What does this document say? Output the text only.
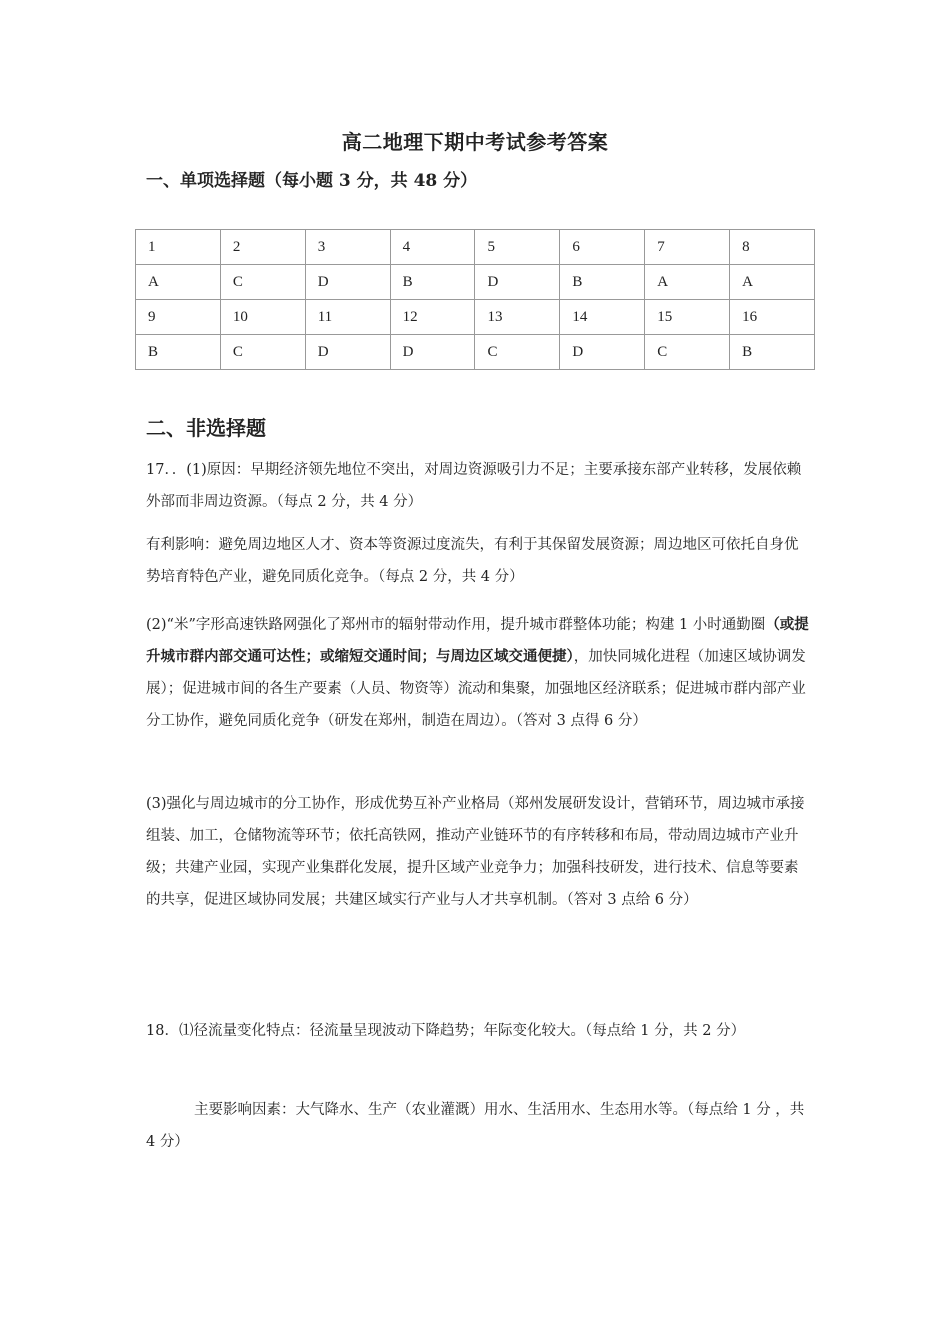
高二地理下期中考试参考答案
一、单项选择题（每小题 3 分，共 48 分）
1	2	3	4	5	6	7	8
A	C	D	B	D	B	A	A
9	10	11	12	13	14	15	16
B	C	D	D	C	D	C	B
二、非选择题
17．．(1)原因：早期经济领先地位不突出，对周边资源吸引力不足；主要承接东部产业转移，发展依赖外部而非周边资源。（每点 2 分，共 4 分）
有利影响：避免周边地区人才、资本等资源过度流失，有利于其保留发展资源；周边地区可依托自身优势培育特色产业，避免同质化竞争。（每点 2 分，共 4 分）
(2)“米”字形高速铁路网强化了郑州市的辐射带动作用，提升城市群整体功能；构建 1 小时通勤圈（或提升城市群内部交通可达性；或缩短交通时间；与周边区域交通便捷），加快同城化进程（加速区域协调发展）；促进城市间的各生产要素（人员、物资等）流动和集聚，加强地区经济联系；促进城市群内部产业分工协作，避免同质化竞争（研发在郑州，制造在周边）。（答对 3 点得 6 分）
(3)强化与周边城市的分工协作，形成优势互补产业格局（郑州发展研发设计，营销环节，周边城市承接组装、加工，仓储物流等环节；依托高铁网，推动产业链环节的有序转移和布局，带动周边城市产业升级；共建产业园，实现产业集群化发展，提升区域产业竞争力；加强科技研发，进行技术、信息等要素的共享，促进区域协同发展；共建区域实行产业与人才共享机制。（答对 3 点给 6 分）
18．⑴径流量变化特点：径流量呈现波动下降趋势；年际变化较大。（每点给 1 分，共 2 分）
主要影响因素：大气降水、生产（农业灌溉）用水、生活用水、生态用水等。（每点给 1 分 ，共 4 分）
